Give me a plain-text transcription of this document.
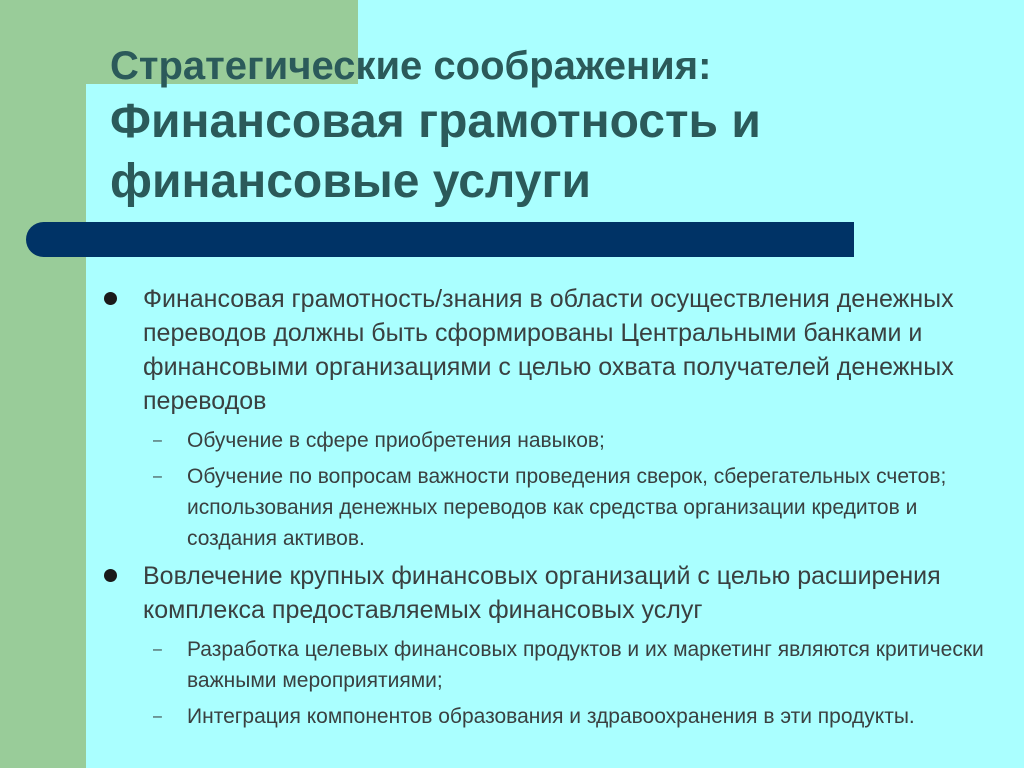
Стратегические соображения:
Финансовая грамотность и
финансовые услуги
Финансовая грамотность/знания в области осуществления денежных переводов должны быть сформированы Центральными банками и финансовыми организациями с целью охвата получателей денежных переводов
– Обучение в сфере приобретения навыков;
– Обучение по вопросам важности проведения сверок, сберегательных счетов; использования денежных переводов как средства организации кредитов и создания активов.
Вовлечение крупных финансовых организаций с целью расширения комплекса предоставляемых финансовых услуг
– Разработка целевых финансовых продуктов и их маркетинг являются критически важными мероприятиями;
– Интеграция компонентов образования и здравоохранения в эти продукты.
